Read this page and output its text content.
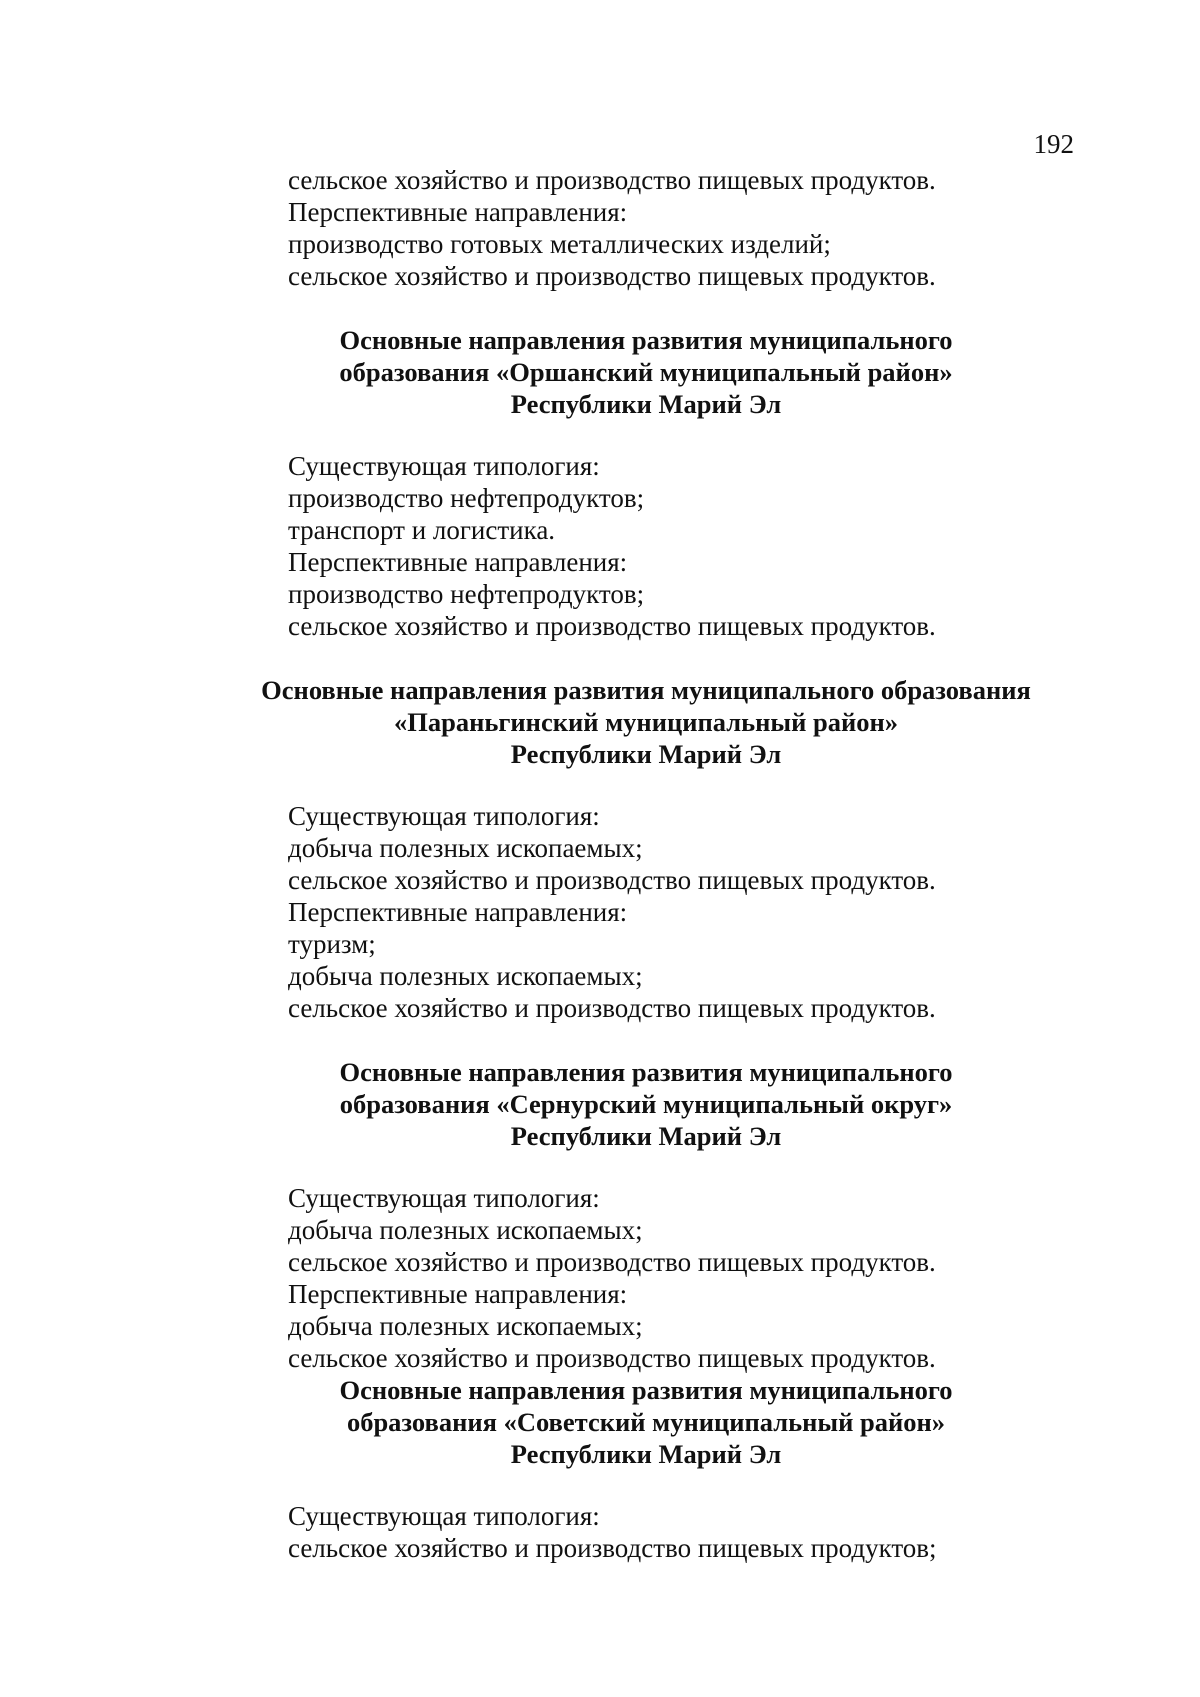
192
сельское хозяйство и производство пищевых продуктов.
Перспективные направления:
производство готовых металлических изделий;
сельское хозяйство и производство пищевых продуктов.
Основные направления развития муниципального
образования «Оршанский муниципальный район»
Республики Марий Эл
Существующая типология:
производство нефтепродуктов;
транспорт и логистика.
Перспективные направления:
производство нефтепродуктов;
сельское хозяйство и производство пищевых продуктов.
Основные направления развития муниципального образования
«Параньгинский муниципальный район»
Республики Марий Эл
Существующая типология:
добыча полезных ископаемых;
сельское хозяйство и производство пищевых продуктов.
Перспективные направления:
туризм;
добыча полезных ископаемых;
сельское хозяйство и производство пищевых продуктов.
Основные направления развития муниципального
образования «Сернурский муниципальный округ»
Республики Марий Эл
Существующая типология:
добыча полезных ископаемых;
сельское хозяйство и производство пищевых продуктов.
Перспективные направления:
добыча полезных ископаемых;
сельское хозяйство и производство пищевых продуктов.
Основные направления развития муниципального
образования «Советский муниципальный район»
Республики Марий Эл
Существующая типология:
сельское хозяйство и производство пищевых продуктов;
